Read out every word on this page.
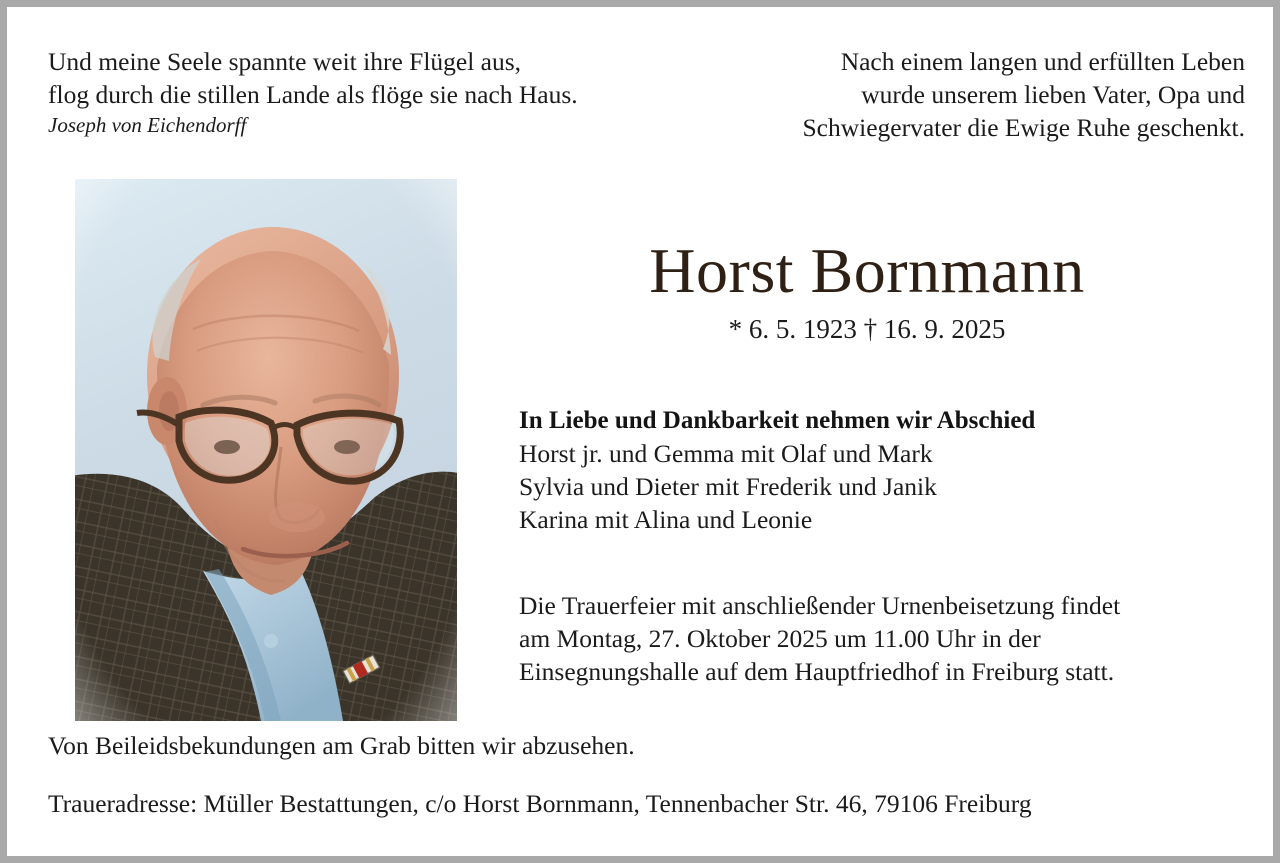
Und meine Seele spannte weit ihre Flügel aus,
flog durch die stillen Lande als flöge sie nach Haus.
Joseph von Eichendorff
Nach einem langen und erfüllten Leben
wurde unserem lieben Vater, Opa und
Schwiegervater die Ewige Ruhe geschenkt.
Horst Bornmann
* 6. 5. 1923 † 16. 9. 2025
In Liebe und Dankbarkeit nehmen wir Abschied
Horst jr. und Gemma mit Olaf und Mark
Sylvia und Dieter mit Frederik und Janik
Karina mit Alina und Leonie
Die Trauerfeier mit anschließender Urnenbeisetzung findet
am Montag, 27. Oktober 2025 um 11.00 Uhr in der
Einsegnungshalle auf dem Hauptfriedhof in Freiburg statt.
Von Beileidsbekundungen am Grab bitten wir abzusehen.
Traueradresse: Müller Bestattungen, c/o Horst Bornmann, Tennenbacher Str. 46, 79106 Freiburg
